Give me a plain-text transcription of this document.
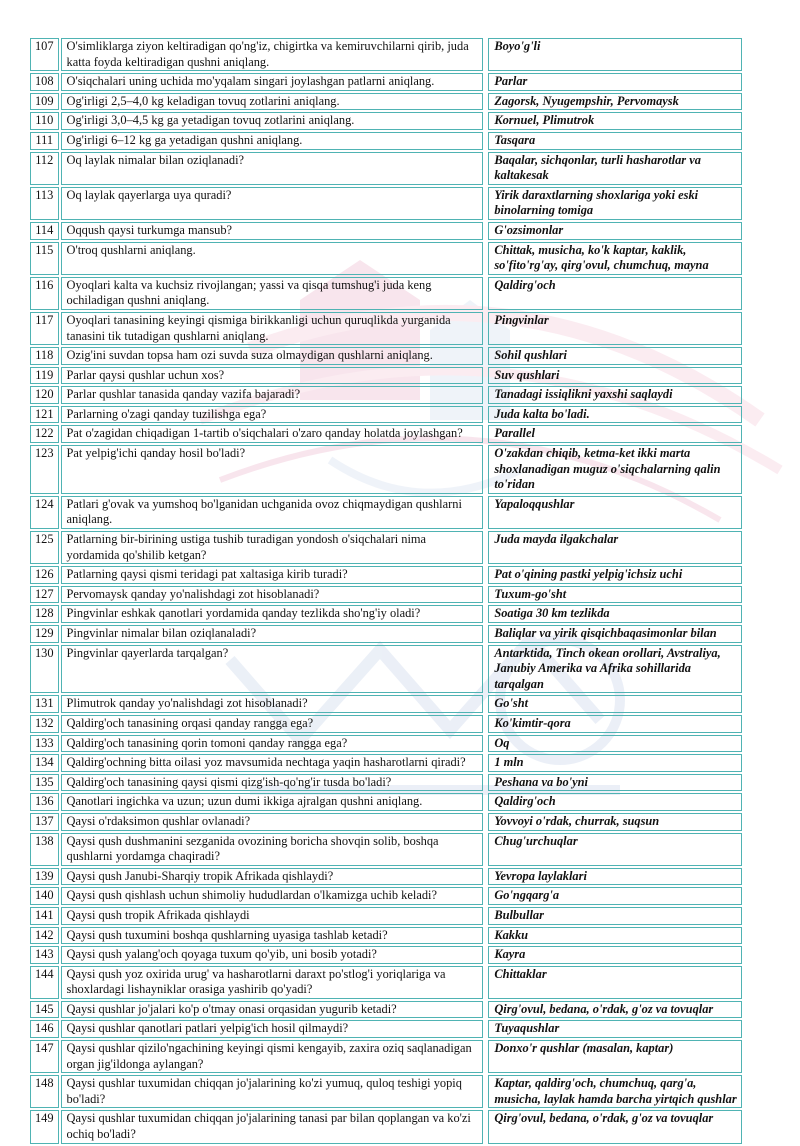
107	O'simliklarga ziyon keltiradigan qo'ng'iz, chigirtka va kemiruvchilarni qirib, juda katta foyda keltiradigan qushni aniqlang.		Boyo'g'li
108	O'siqchalari uning uchida mo'yqalam singari joylashgan patlarni aniqlang.		Parlar
109	Og'irligi 2,5–4,0 kg keladigan tovuq zotlarini aniqlang.		Zagorsk, Nyugempshir, Pervomaysk
110	Og'irligi 3,0–4,5 kg ga yetadigan tovuq zotlarini aniqlang.		Kornuel, Plimutrok
111	Og'irligi 6–12 kg ga yetadigan qushni aniqlang.		Tasqara
112	Oq laylak nimalar bilan oziqlanadi?		Baqalar, sichqonlar, turli hasharotlar va kaltakesak
113	Oq laylak qayerlarga uya quradi?		Yirik daraxtlarning shoxlariga yoki eski binolarning tomiga
114	Oqqush qaysi turkumga mansub?		G'ozsimonlar
115	O'troq qushlarni aniqlang.		Chittak, musicha, ko'k kaptar, kaklik, so'fito'rg'ay, qirg'ovul, chumchuq, mayna
116	Oyoqlari kalta va kuchsiz rivojlangan; yassi va qisqa tumshug'i juda keng ochiladigan qushni aniqlang.		Qaldirg'och
117	Oyoqlari tanasining keyingi qismiga birikkanligi uchun quruqlikda yurganida tanasini tik tutadigan qushlarni aniqlang.		Pingvinlar
118	Ozig'ini suvdan topsa ham ozi suvda suza olmaydigan qushlarni aniqlang.		Sohil qushlari
119	Parlar qaysi qushlar uchun xos?		Suv qushlari
120	Parlar qushlar tanasida qanday vazifa bajaradi?		Tanadagi issiqlikni yaxshi saqlaydi
121	Parlarning o'zagi qanday tuzilishga ega?		Juda kalta bo'ladi.
122	Pat o'zagidan chiqadigan 1-tartib o'siqchalari o'zaro qanday holatda joylashgan?		Parallel
123	Pat yelpig'ichi qanday hosil bo'ladi?		O'zakdan chiqib, ketma-ket ikki marta shoxlanadigan muguz o'siqchalarning qalin to'ridan
124	Patlari g'ovak va yumshoq bo'lganidan uchganida ovoz chiqmaydigan qushlarni aniqlang.		Yapaloqqushlar
125	Patlarning bir-birining ustiga tushib turadigan yondosh o'siqchalari nima yordamida qo'shilib ketgan?		Juda mayda ilgakchalar
126	Patlarning qaysi qismi teridagi pat xaltasiga kirib turadi?		Pat o'qining pastki yelpig'ichsiz uchi
127	Pervomaysk qanday yo'nalishdagi zot hisoblanadi?		Tuxum-go'sht
128	Pingvinlar eshkak qanotlari yordamida qanday tezlikda sho'ng'iy oladi?		Soatiga 30 km tezlikda
129	Pingvinlar nimalar bilan oziqlanaladi?		Baliqlar va yirik qisqichbaqasimonlar bilan
130	Pingvinlar qayerlarda tarqalgan?		Antarktida, Tinch okean orollari, Avstraliya, Janubiy Amerika va Afrika sohillarida tarqalgan
131	Plimutrok qanday yo'nalishdagi zot hisoblanadi?		Go'sht
132	Qaldirg'och tanasining orqasi qanday rangga ega?		Ko'kimtir-qora
133	Qaldirg'och tanasining qorin tomoni qanday rangga ega?		Oq
134	Qaldirg'ochning bitta oilasi yoz mavsumida nechtaga yaqin hasharotlarni qiradi?		1 mln
135	Qaldirg'och tanasining qaysi qismi qizg'ish-qo'ng'ir tusda bo'ladi?		Peshana va bo'yni
136	Qanotlari ingichka va uzun; uzun dumi ikkiga ajralgan qushni aniqlang.		Qaldirg'och
137	Qaysi o'rdaksimon qushlar ovlanadi?		Yovvoyi o'rdak, churrak, suqsun
138	Qaysi qush dushmanini sezganida ovozining boricha shovqin solib, boshqa qushlarni yordamga chaqiradi?		Chug'urchuqlar
139	Qaysi qush Janubi-Sharqiy tropik Afrikada qishlaydi?		Yevropa laylaklari
140	Qaysi qush qishlash uchun shimoliy hududlardan o'lkamizga uchib keladi?		Go'ngqarg'a
141	Qaysi qush tropik Afrikada qishlaydi		Bulbullar
142	Qaysi qush tuxumini boshqa qushlarning uyasiga tashlab ketadi?		Kakku
143	Qaysi qush yalang'och qoyaga tuxum qo'yib, uni bosib yotadi?		Kayra
144	Qaysi qush yoz oxirida urug' va hasharotlarni daraxt po'stlog'i yoriqlariga va shoxlardagi lishayniklar orasiga yashirib qo'yadi?		Chittaklar
145	Qaysi qushlar jo'jalari ko'p o'tmay onasi orqasidan yugurib ketadi?		Qirg'ovul, bedana, o'rdak, g'oz va tovuqlar
146	Qaysi qushlar qanotlari patlari yelpig'ich hosil qilmaydi?		Tuyaqushlar
147	Qaysi qushlar qizilo'ngachining keyingi qismi kengayib, zaxira oziq saqlanadigan organ jig'ildonga aylangan?		Donxo'r qushlar (masalan, kaptar)
148	Qaysi qushlar tuxumidan chiqqan jo'jalarining ko'zi yumuq, quloq teshigi yopiq bo'ladi?		Kaptar, qaldirg'och, chumchuq, qarg'a, musicha, laylak hamda barcha yirtqich qushlar
149	Qaysi qushlar tuxumidan chiqqan jo'jalarining tanasi par bilan qoplangan va ko'zi ochiq bo'ladi?		Qirg'ovul, bedana, o'rdak, g'oz va tovuqlar
